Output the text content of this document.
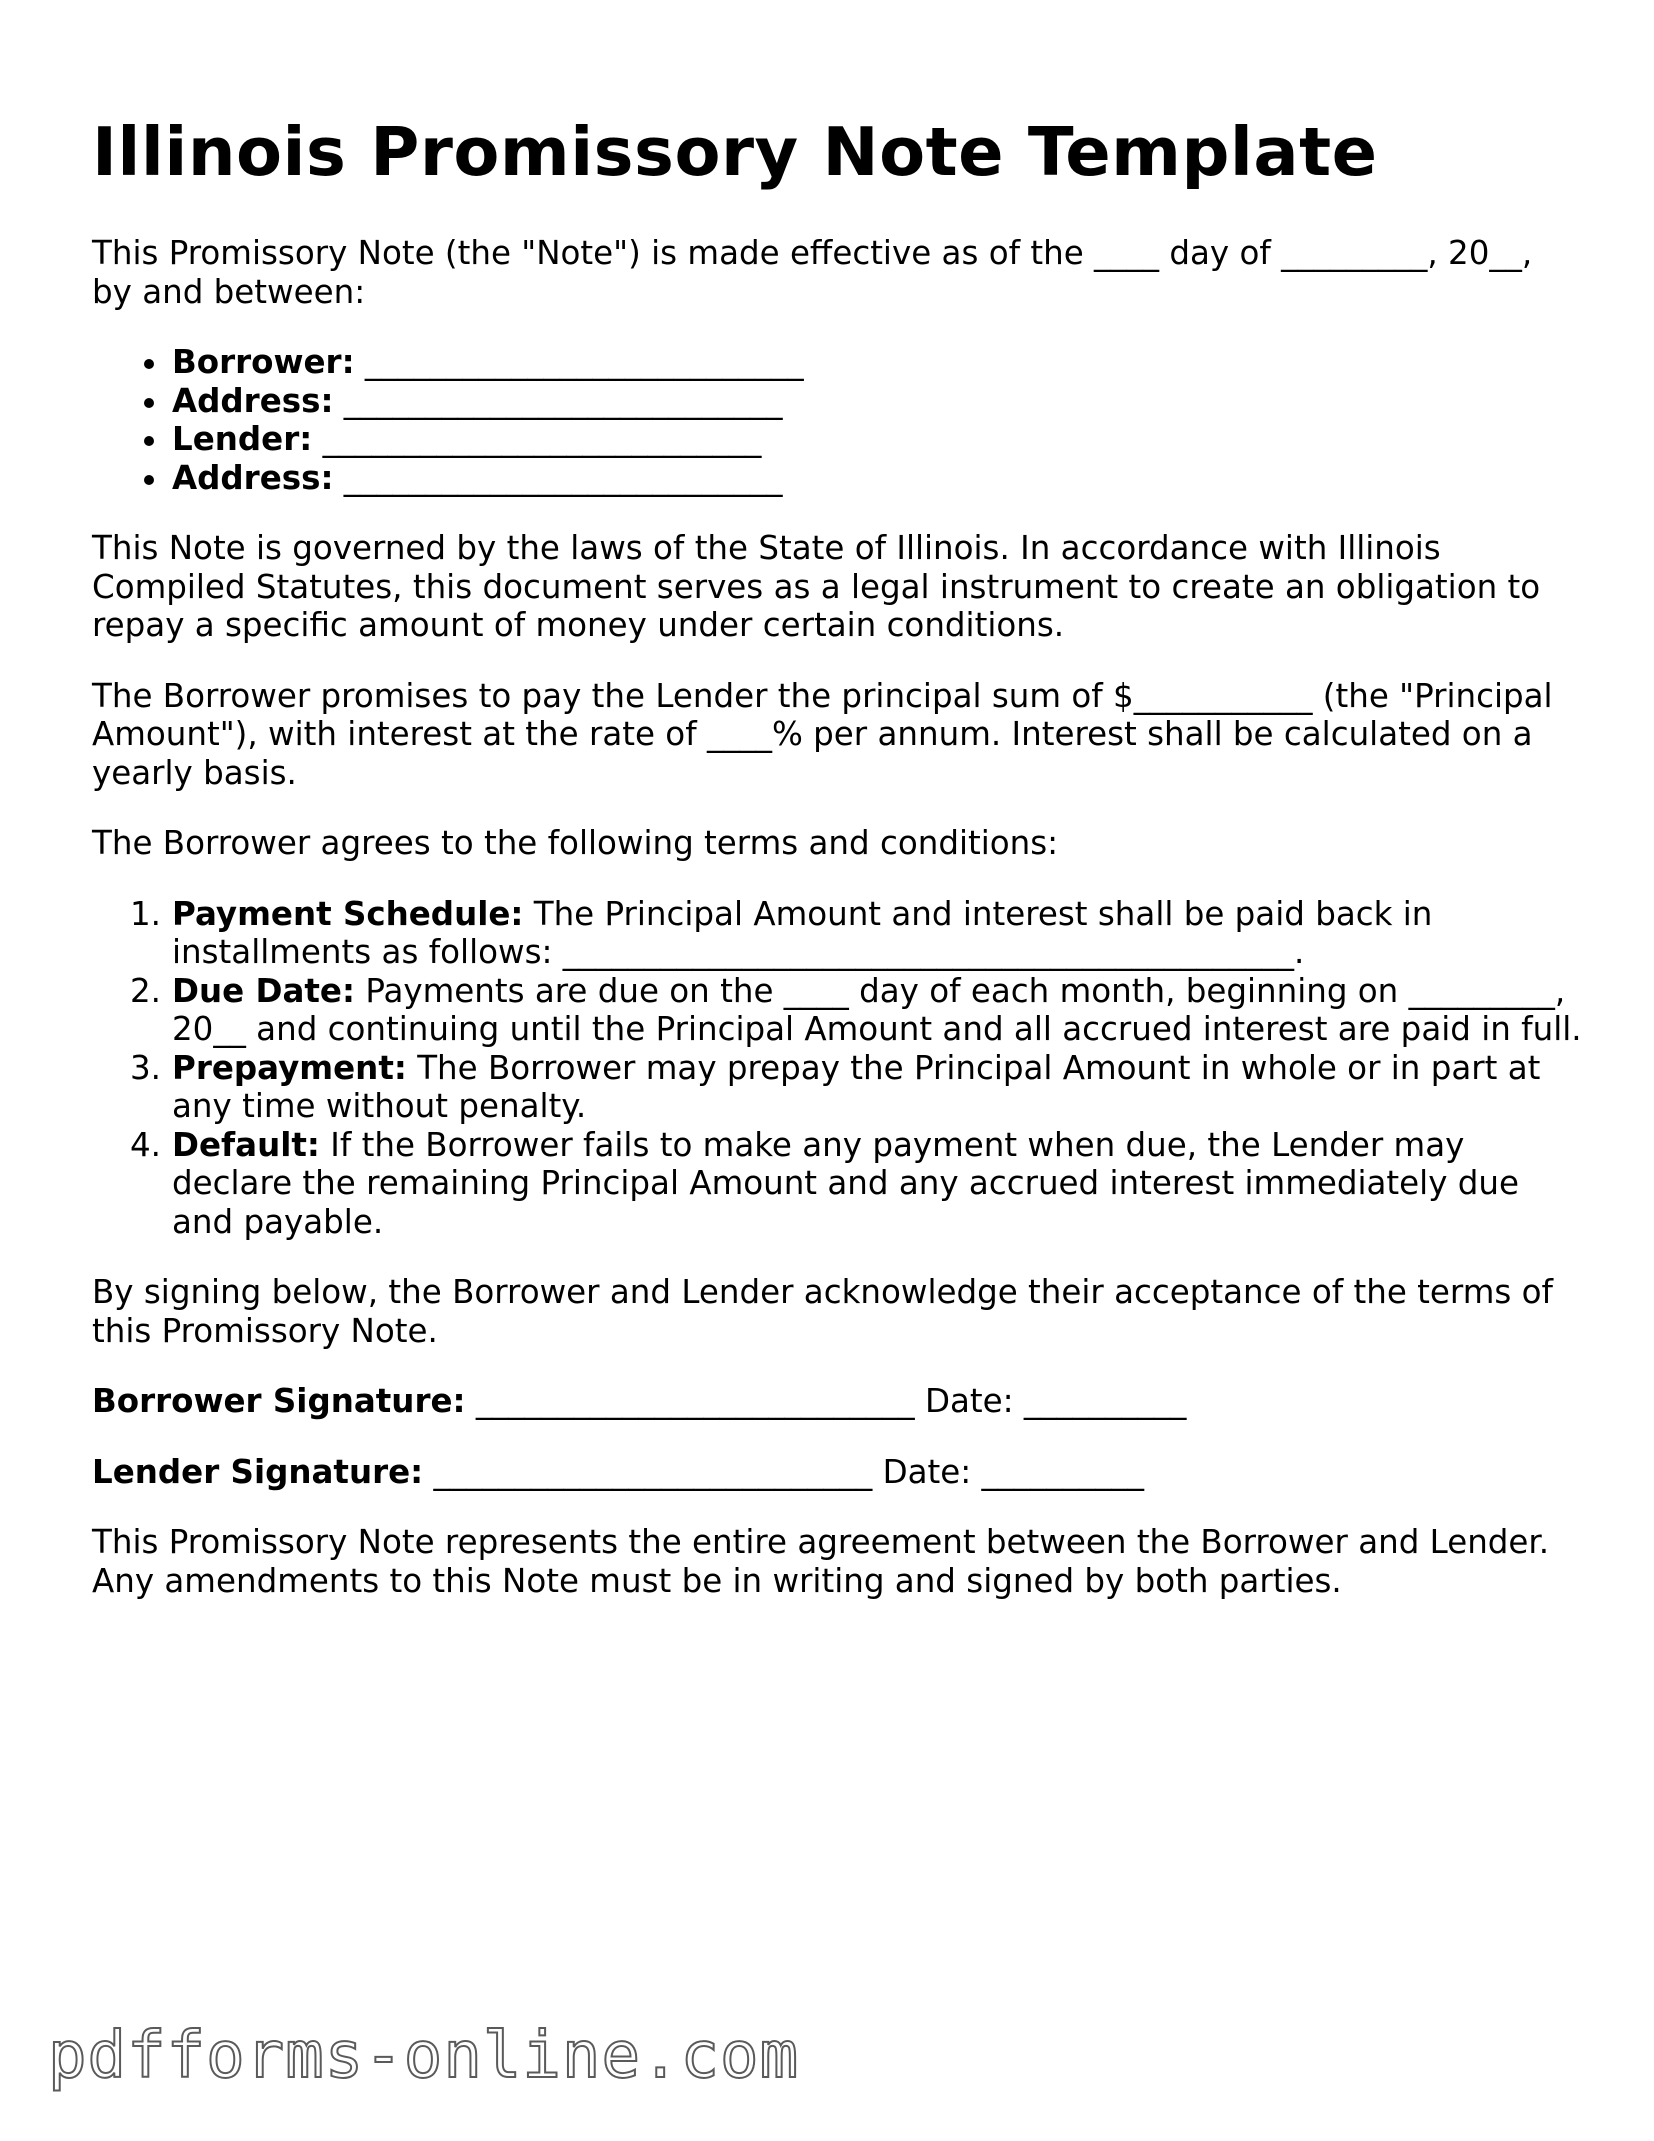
Illinois Promissory Note Template

This Promissory Note (the "Note") is made effective as of the ____ day of _________, 20__, by and between:

Borrower: ___________________________
Address: ___________________________
Lender: ___________________________
Address: ___________________________

This Note is governed by the laws of the State of Illinois. In accordance with Illinois Compiled Statutes, this document serves as a legal instrument to create an obligation to repay a specific amount of money under certain conditions.

The Borrower promises to pay the Lender the principal sum of $___________ (the "Principal Amount"), with interest at the rate of ____% per annum. Interest shall be calculated on a yearly basis.

The Borrower agrees to the following terms and conditions:

1. Payment Schedule: The Principal Amount and interest shall be paid back in installments as follows: _____________________________________________.
2. Due Date: Payments are due on the ____ day of each month, beginning on _________, 20__ and continuing until the Principal Amount and all accrued interest are paid in full.
3. Prepayment: The Borrower may prepay the Principal Amount in whole or in part at any time without penalty.
4. Default: If the Borrower fails to make any payment when due, the Lender may declare the remaining Principal Amount and any accrued interest immediately due and payable.

By signing below, the Borrower and Lender acknowledge their acceptance of the terms of this Promissory Note.

Borrower Signature: ___________________________ Date: __________

Lender Signature: ___________________________ Date: __________

This Promissory Note represents the entire agreement between the Borrower and Lender. Any amendments to this Note must be in writing and signed by both parties.

pdfforms-online.com
